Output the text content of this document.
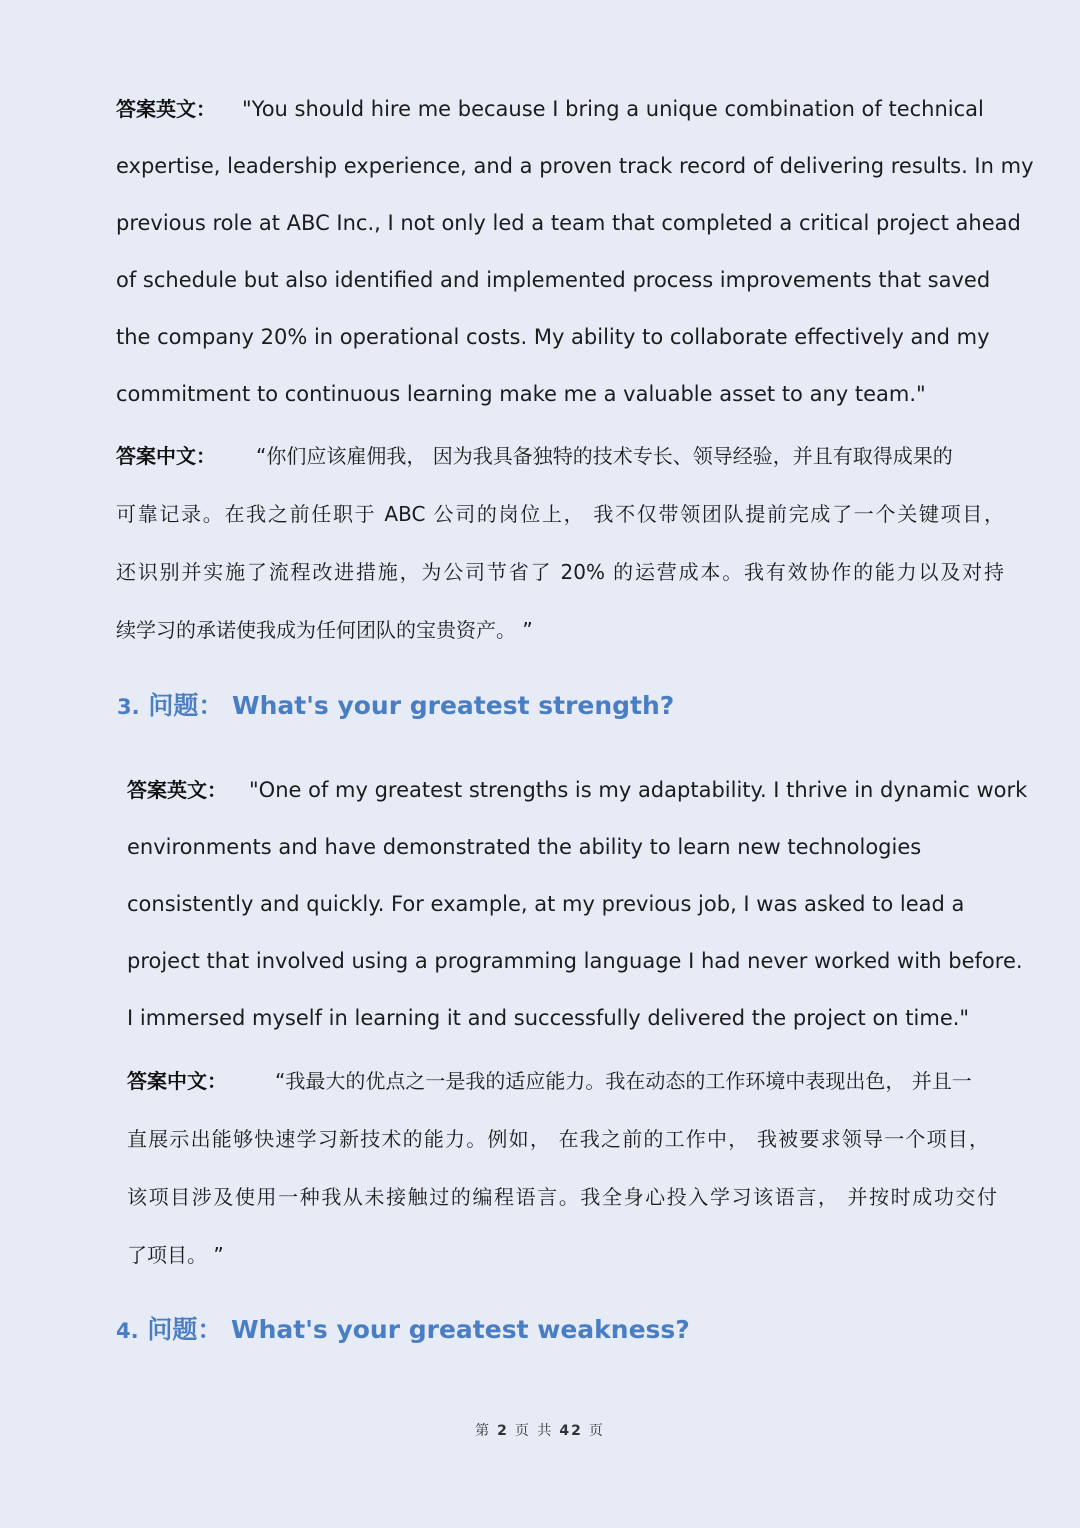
答案英文： "You should hire me because I bring a unique combination of technical
expertise, leadership experience, and a proven track record of delivering results. In my
previous role at ABC Inc., I not only led a team that completed a critical project ahead
of schedule but also identified and implemented process improvements that saved
the company 20% in operational costs. My ability to collaborate effectively and my
commitment to continuous learning make me a valuable asset to any team."
答案中文： “你们应该雇佣我， 因为我具备独特的技术专长、领导经验，并且有取得成果的
可靠记录。在我之前任职于 ABC 公司的岗位上， 我不仅带领团队提前完成了一个关键项目，
还识别并实施了流程改进措施，为公司节省了 20% 的运营成本。我有效协作的能力以及对持
续学习的承诺使我成为任何团队的宝贵资产。 ”
3. 问题： What's your greatest strength?
答案英文： "One of my greatest strengths is my adaptability. I thrive in dynamic work
environments and have demonstrated the ability to learn new technologies
consistently and quickly. For example, at my previous job, I was asked to lead a
project that involved using a programming language I had never worked with before.
I immersed myself in learning it and successfully delivered the project on time."
答案中文： “我最大的优点之一是我的适应能力。我在动态的工作环境中表现出色， 并且一
直展示出能够快速学习新技术的能力。例如， 在我之前的工作中， 我被要求领导一个项目，
该项目涉及使用一种我从未接触过的编程语言。我全身心投入学习该语言， 并按时成功交付
了项目。 ”
4. 问题： What's your greatest weakness?
第 2 页 共 42 页
